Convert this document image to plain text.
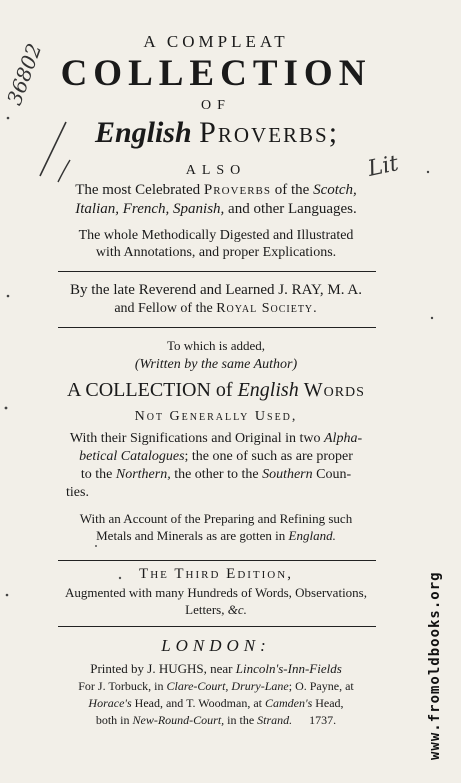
A COMPLEAT
COLLECTION
OF
English Proverbs;
ALSO
The most Celebrated Proverbs of the Scotch,
Italian, French, Spanish, and other Languages.
The whole Methodically Digested and Illustrated
with Annotations, and proper Explications.
By the late Reverend and Learned J. RAY, M. A.
and Fellow of the Royal Society.
To which is added,
(Written by the same Author)
A COLLECTION of English Words
Not Generally Used,
With their Significations and Original in two Alpha-
betical Catalogues; the one of such as are proper
to the Northern, the other to the Southern Coun-
ties.
With an Account of the Preparing and Refining such
Metals and Minerals as are gotten in England.
The Third Edition,
Augmented with many Hundreds of Words, Observations,
Letters, &c.
LONDON:
Printed by J. HUGHS, near Lincoln's-Inn-Fields
For J. Torbuck, in Clare-Court, Drury-Lane; O. Payne, at
Horace's Head, and T. Woodman, at Camden's Head,
both in New-Round-Court, in the Strand. 1737.
36802
Lit
www.fromoldbooks.org
